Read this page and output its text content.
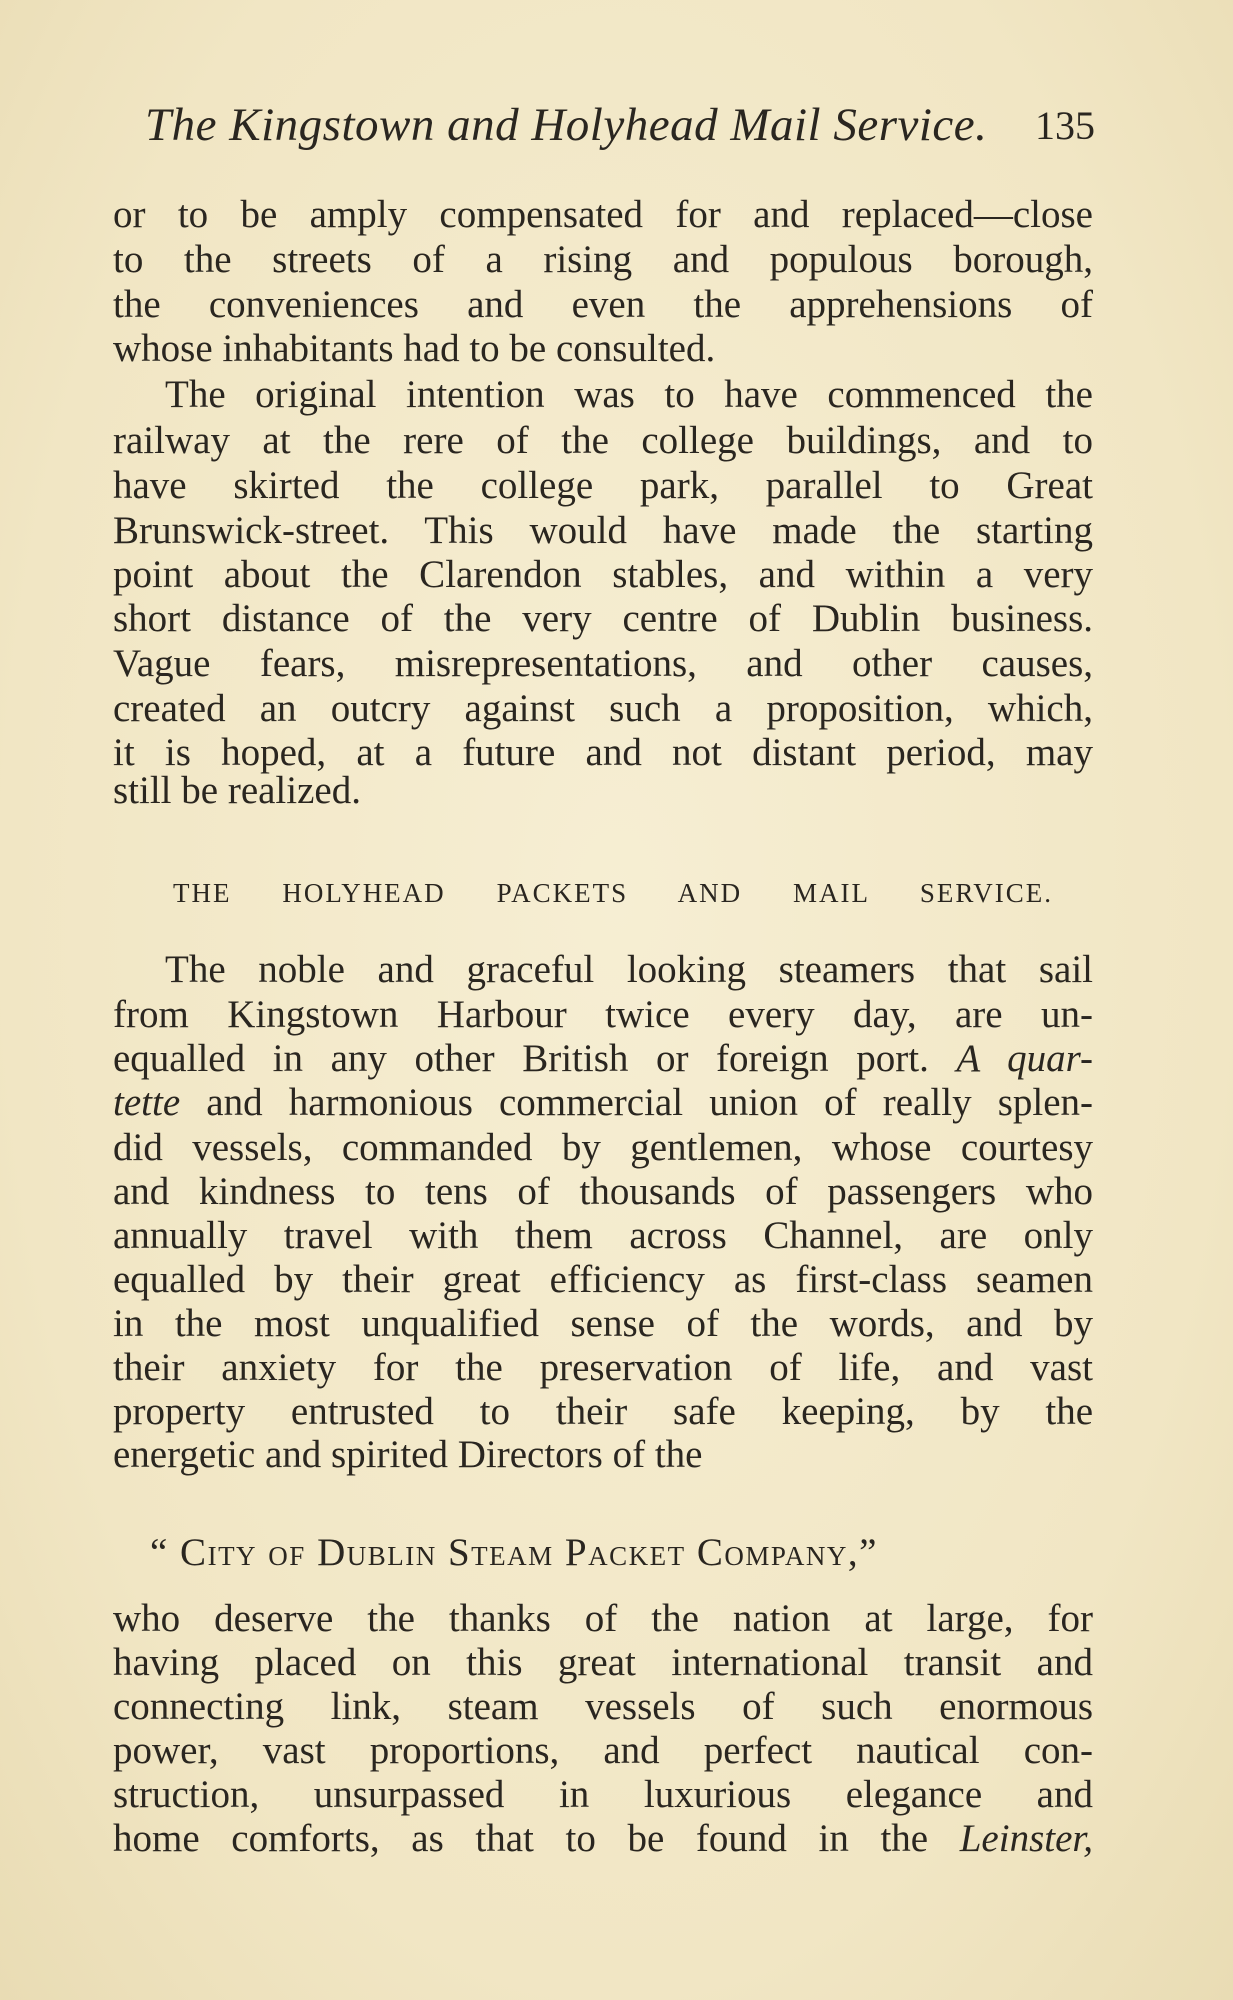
The Kingstown and Holyhead Mail Service. 135
or to be amply compensated for and replaced—close
to the streets of a rising and populous borough,
the conveniences and even the apprehensions of
whose inhabitants had to be consulted.
The original intention was to have commenced the
railway at the rere of the college buildings, and to
have skirted the college park, parallel to Great
Brunswick-street. This would have made the starting
point about the Clarendon stables, and within a very
short distance of the very centre of Dublin business.
Vague fears, misrepresentations, and other causes,
created an outcry against such a proposition, which,
it is hoped, at a future and not distant period, may
still be realized.
THE HOLYHEAD PACKETS AND MAIL SERVICE.
The noble and graceful looking steamers that sail
from Kingstown Harbour twice every day, are un-
equalled in any other British or foreign port. A quar-
tette and harmonious commercial union of really splen-
did vessels, commanded by gentlemen, whose courtesy
and kindness to tens of thousands of passengers who
annually travel with them across Channel, are only
equalled by their great efficiency as first-class seamen
in the most unqualified sense of the words, and by
their anxiety for the preservation of life, and vast
property entrusted to their safe keeping, by the
energetic and spirited Directors of the
“ City of Dublin Steam Packet Company,”
who deserve the thanks of the nation at large, for
having placed on this great international transit and
connecting link, steam vessels of such enormous
power, vast proportions, and perfect nautical con-
struction, unsurpassed in luxurious elegance and
home comforts, as that to be found in the Leinster,
